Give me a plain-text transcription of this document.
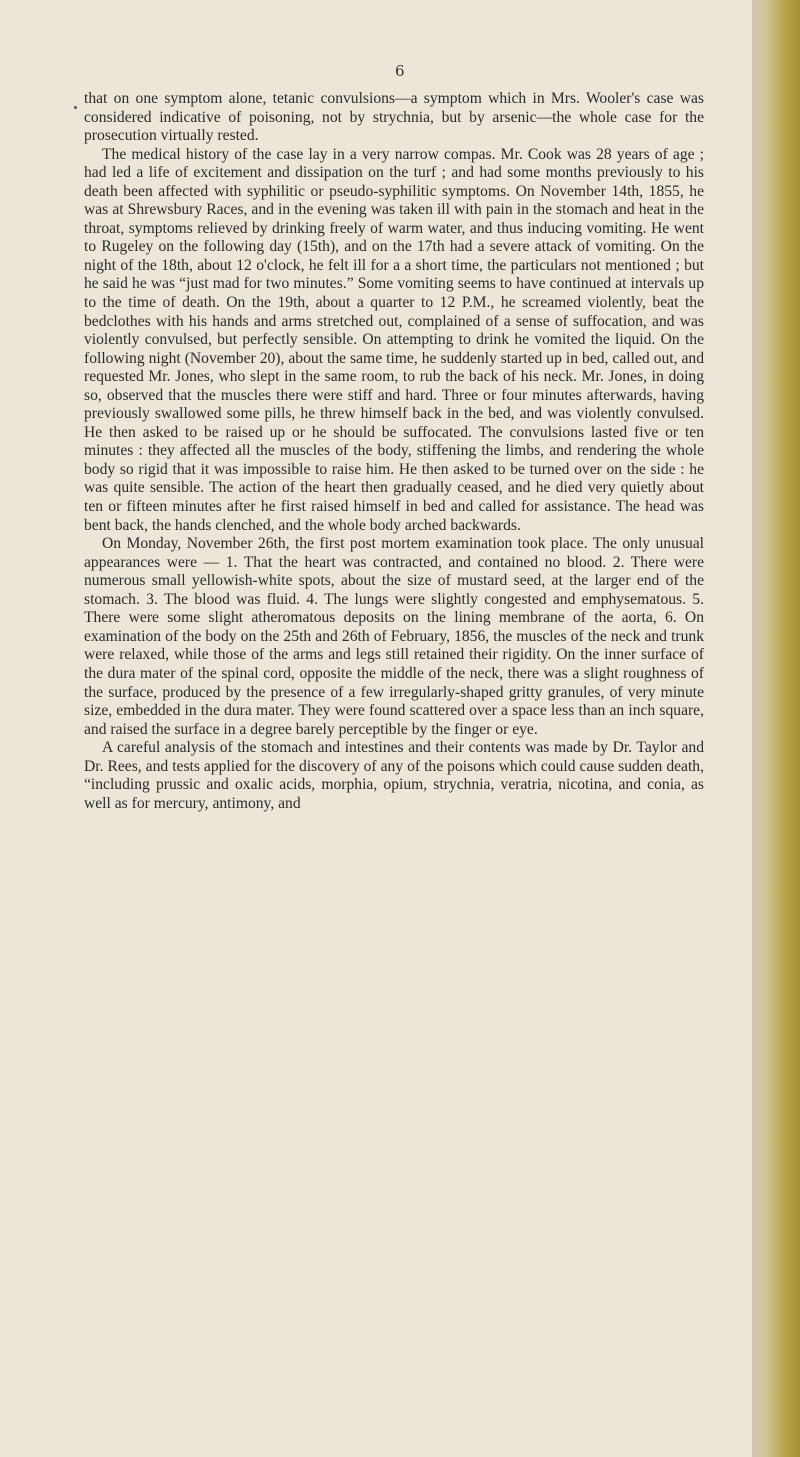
6

that on one symptom alone, tetanic convulsions—a symptom which in Mrs. Wooler's case was considered indicative of poisoning, not by strychnia, but by arsenic—the whole case for the prosecution virtually rested.

The medical history of the case lay in a very narrow compas. Mr. Cook was 28 years of age ; had led a life of excitement and dissipation on the turf ; and had some months previously to his death been affected with syphilitic or pseudo-syphilitic symptoms. On November 14th, 1855, he was at Shrewsbury Races, and in the evening was taken ill with pain in the stomach and heat in the throat, symptoms relieved by drinking freely of warm water, and thus inducing vomiting. He went to Rugeley on the following day (15th), and on the 17th had a severe attack of vomiting. On the night of the 18th, about 12 o'clock, he felt ill for a a short time, the particulars not mentioned ; but he said he was “just mad for two minutes.” Some vomiting seems to have continued at intervals up to the time of death. On the 19th, about a quarter to 12 P.M., he screamed violently, beat the bedclothes with his hands and arms stretched out, complained of a sense of suffocation, and was violently convulsed, but perfectly sensible. On attempting to drink he vomited the liquid. On the following night (November 20), about the same time, he suddenly started up in bed, called out, and requested Mr. Jones, who slept in the same room, to rub the back of his neck. Mr. Jones, in doing so, observed that the muscles there were stiff and hard. Three or four minutes afterwards, having previously swallowed some pills, he threw himself back in the bed, and was violently convulsed. He then asked to be raised up or he should be suffocated. The convulsions lasted five or ten minutes : they affected all the muscles of the body, stiffening the limbs, and rendering the whole body so rigid that it was impossible to raise him. He then asked to be turned over on the side : he was quite sensible. The action of the heart then gradually ceased, and he died very quietly about ten or fifteen minutes after he first raised himself in bed and called for assistance. The head was bent back, the hands clenched, and the whole body arched backwards.

On Monday, November 26th, the first post mortem examination took place. The only unusual appearances were — 1. That the heart was contracted, and contained no blood. 2. There were numerous small yellowish-white spots, about the size of mustard seed, at the larger end of the stomach. 3. The blood was fluid. 4. The lungs were slightly congested and emphysematous. 5. There were some slight atheromatous deposits on the lining membrane of the aorta, 6. On examination of the body on the 25th and 26th of February, 1856, the muscles of the neck and trunk were relaxed, while those of the arms and legs still retained their rigidity. On the inner surface of the dura mater of the spinal cord, opposite the middle of the neck, there was a slight roughness of the surface, produced by the presence of a few irregularly-shaped gritty granules, of very minute size, embedded in the dura mater. They were found scattered over a space less than an inch square, and raised the surface in a degree barely perceptible by the finger or eye.

A careful analysis of the stomach and intestines and their contents was made by Dr. Taylor and Dr. Rees, and tests applied for the discovery of any of the poisons which could cause sudden death, “including prussic and oxalic acids, morphia, opium, strychnia, veratria, nicotina, and conia, as well as for mercury, antimony, and
